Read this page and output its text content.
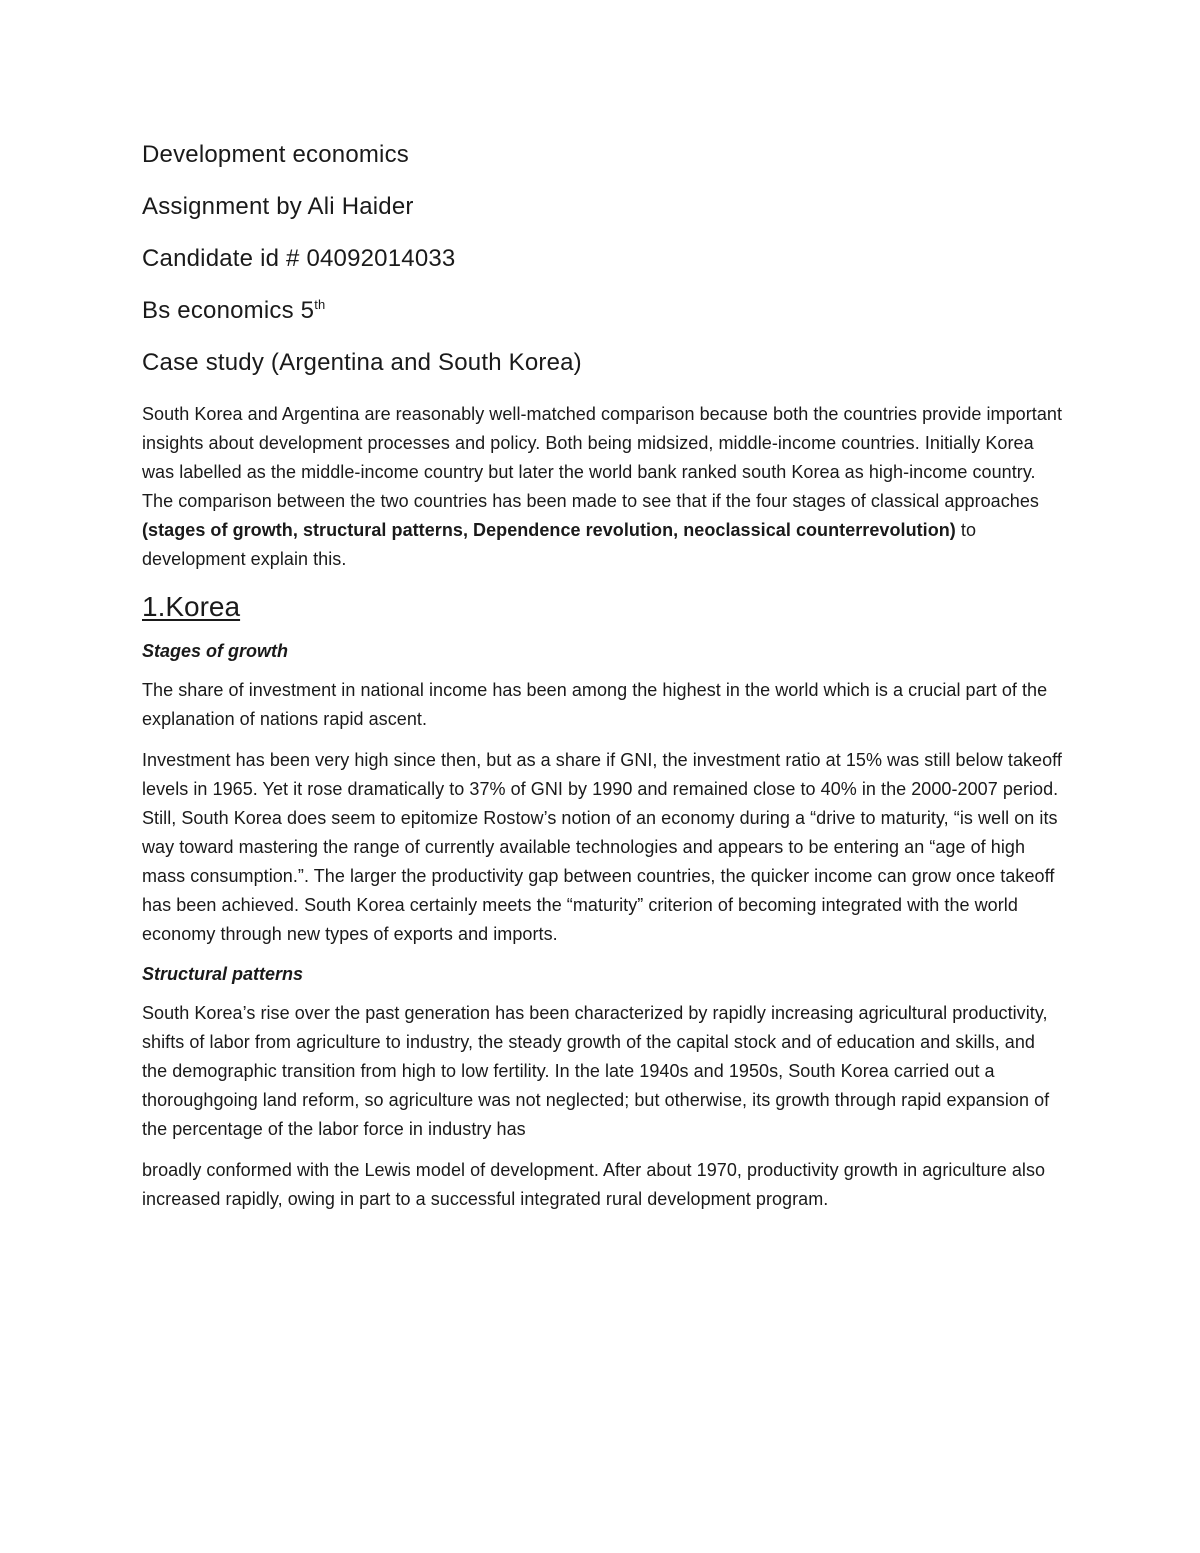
Development economics
Assignment by Ali Haider
Candidate id # 04092014033
Bs economics 5th
Case study (Argentina and South Korea)

South Korea and Argentina are reasonably well-matched comparison because both the countries provide important insights about development processes and policy. Both being midsized, middle-income countries. Initially Korea was labelled as the middle-income country but later the world bank ranked south Korea as high-income country. The comparison between the two countries has been made to see that if the four stages of classical approaches (stages of growth, structural patterns, Dependence revolution, neoclassical counterrevolution) to development explain this.

1.Korea
Stages of growth

The share of investment in national income has been among the highest in the world which is a crucial part of the explanation of nations rapid ascent.

Investment has been very high since then, but as a share if GNI, the investment ratio at 15% was still below takeoff levels in 1965. Yet it rose dramatically to 37% of GNI by 1990 and remained close to 40% in the 2000-2007 period. Still, South Korea does seem to epitomize Rostow’s notion of an economy during a “drive to maturity, “is well on its way toward mastering the range of currently available technologies and appears to be entering an “age of high mass consumption.”. The larger the productivity gap between countries, the quicker income can grow once takeoff has been achieved. South Korea certainly meets the “maturity” criterion of becoming integrated with the world economy through new types of exports and imports.

Structural patterns

South Korea’s rise over the past generation has been characterized by rapidly increasing agricultural productivity, shifts of labor from agriculture to industry, the steady growth of the capital stock and of education and skills, and the demographic transition from high to low fertility. In the late 1940s and 1950s, South Korea carried out a thoroughgoing land reform, so agriculture was not neglected; but otherwise, its growth through rapid expansion of the percentage of the labor force in industry has

broadly conformed with the Lewis model of development. After about 1970, productivity growth in agriculture also increased rapidly, owing in part to a successful integrated rural development program.
